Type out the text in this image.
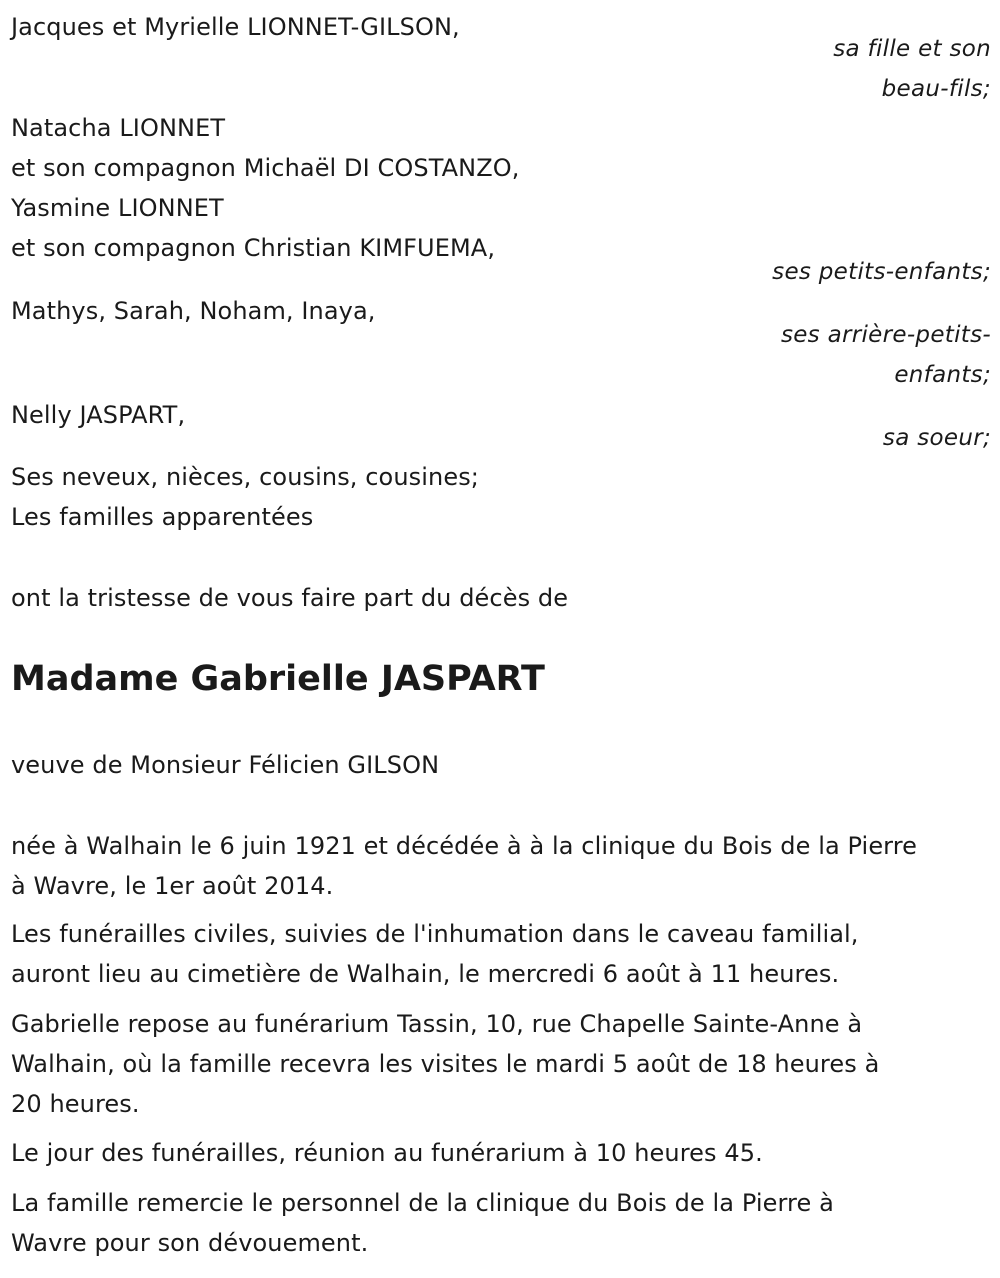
Jacques et Myrielle LIONNET-GILSON,
sa fille et son
beau-fils;
Natacha LIONNET
et son compagnon Michaël DI COSTANZO,
Yasmine LIONNET
et son compagnon Christian KIMFUEMA,
ses petits-enfants;
Mathys, Sarah, Noham, Inaya,
ses arrière-petits-
enfants;
Nelly JASPART,
sa soeur;
Ses neveux, nièces, cousins, cousines;
Les familles apparentées
ont la tristesse de vous faire part du décès de
Madame Gabrielle JASPART
veuve de Monsieur Félicien GILSON
née à Walhain le 6 juin 1921 et décédée à à la clinique du Bois de la Pierre
à Wavre, le 1er août 2014.
Les funérailles civiles, suivies de l'inhumation dans le caveau familial,
auront lieu au cimetière de Walhain, le mercredi 6 août à 11 heures.
Gabrielle repose au funérarium Tassin, 10, rue Chapelle Sainte-Anne à
Walhain, où la famille recevra les visites le mardi 5 août de 18 heures à
20 heures.
Le jour des funérailles, réunion au funérarium à 10 heures 45.
La famille remercie le personnel de la clinique du Bois de la Pierre à
Wavre pour son dévouement.
